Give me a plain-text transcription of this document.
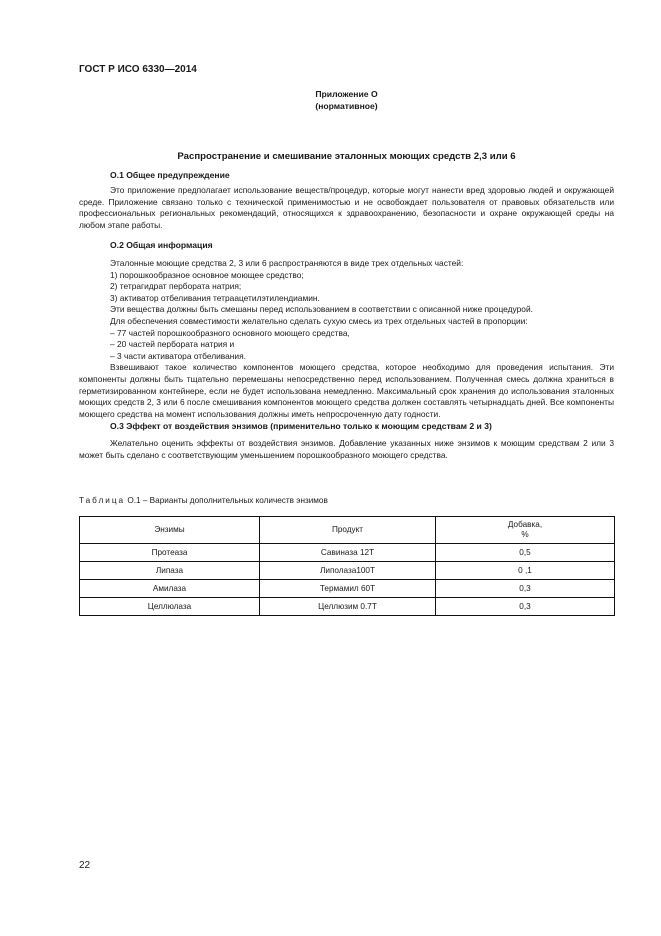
ГОСТ Р ИСО 6330—2014
Приложение О
(нормативное)
Распространение и смешивание эталонных моющих средств 2,3 или 6
О.1 Общее предупреждение

Это приложение предполагает использование веществ/процедур, которые могут нанести вред здоровью людей и окружающей среде. Приложение связано только с технической применимостью и не освобождает пользователя от правовых обязательств или профессиональных региональных рекомендаций, относящихся к здравоохранению, безопасности и охране окружающей среды на любом этапе работы.

О.2 Общая информация

Эталонные моющие средства 2, 3 или 6 распространяются в виде трех отдельных частей:

1) порошкообразное основное моющее средство;

2) тетрагидрат пербората натрия;

3) активатор отбеливания тетраацетилэтилендиамин.

Эти вещества должны быть смешаны перед использованием в соответствии с описанной ниже процедурой.

Для обеспечения совместимости желательно сделать сухую смесь из трех отдельных частей в пропорции:

– 77 частей порошкообразного основного моющего средства,

– 20 частей пербората натрия и

– 3 части активатора отбеливания.

Взвешивают такое количество компонентов моющего средства, которое необходимо для проведения испытания. Эти компоненты должны быть тщательно перемешаны непосредственно перед использованием. Полученная смесь должна храниться в герметизированном контейнере, если не будет использована немедленно. Максимальный срок хранения до использования эталонных моющих средств 2, 3 или 6 после смешивания компонентов моющего средства должен составлять четырнадцать дней. Все компоненты моющего средства на момент использования должны иметь непросроченную дату годности.

О.3 Эффект от воздействия энзимов (применительно только к моющим средствам 2 и 3)

Желательно оценить эффекты от воздействия энзимов. Добавление указанных ниже энзимов к моющим средствам 2 или 3 может быть сделано с соответствующим уменьшением порошкообразного моющего средства.

Таблица О.1 – Варианты дополнительных количеств энзимов
Энзимы	Продукт	Добавка,
%
Протеаза	Савиназа 12Т	0,5
Липаза	Липолаза100Т	0 ,1
Амилаза	Термамил 60Т	0,3
Целлюлаза	Целлюзим 0.7Т	0,3
22
